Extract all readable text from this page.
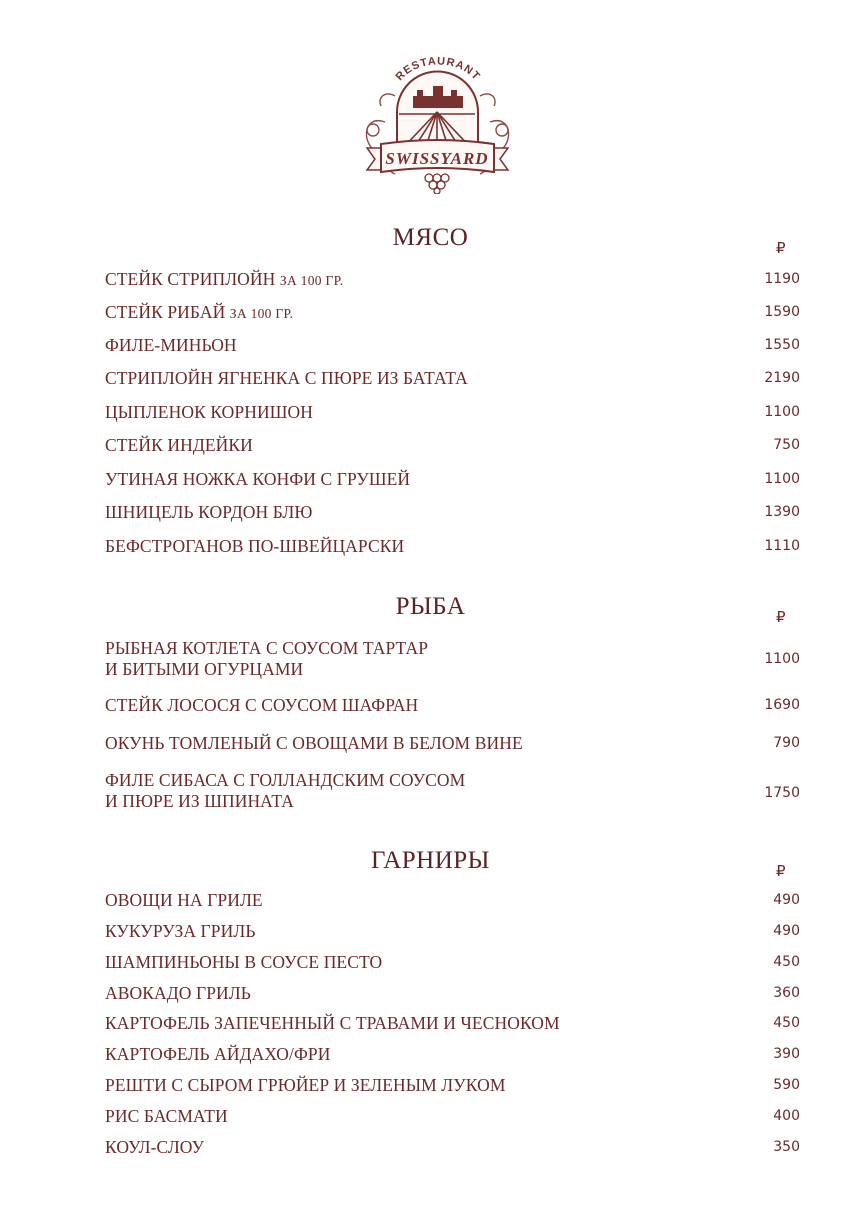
RESTAURANT
SWISSYARD
МЯСО	₽
СТЕЙК СТРИПЛОЙН ЗА 100 ГР.	1190
СТЕЙК РИБАЙ ЗА 100 ГР.	1590
ФИЛЕ-МИНЬОН	1550
СТРИПЛОЙН ЯГНЕНКА С ПЮРЕ ИЗ БАТАТА	2190
ЦЫПЛЕНОК КОРНИШОН	1100
СТЕЙК ИНДЕЙКИ	750
УТИНАЯ НОЖКА КОНФИ С ГРУШЕЙ	1100
ШНИЦЕЛЬ КОРДОН БЛЮ	1390
БЕФСТРОГАНОВ ПО-ШВЕЙЦАРСКИ	1110
РЫБА	₽
РЫБНАЯ КОТЛЕТА С СОУСОМ ТАРТАР
И БИТЫМИ ОГУРЦАМИ	1100
СТЕЙК ЛОСОСЯ С СОУСОМ ШАФРАН	1690
ОКУНЬ ТОМЛЕНЫЙ С ОВОЩАМИ В БЕЛОМ ВИНЕ	790
ФИЛЕ СИБАСА С ГОЛЛАНДСКИМ СОУСОМ
И ПЮРЕ ИЗ ШПИНАТА	1750
ГАРНИРЫ	₽
ОВОЩИ НА ГРИЛЕ	490
КУКУРУЗА ГРИЛЬ	490
ШАМПИНЬОНЫ В СОУСЕ ПЕСТО	450
АВОКАДО ГРИЛЬ	360
КАРТОФЕЛЬ ЗАПЕЧЕННЫЙ С ТРАВАМИ И ЧЕСНОКОМ	450
КАРТОФЕЛЬ АЙДАХО/ФРИ	390
РЕШТИ С СЫРОМ ГРЮЙЕР И ЗЕЛЕНЫМ ЛУКОМ	590
РИС БАСМАТИ	400
КОУЛ-СЛОУ	350
